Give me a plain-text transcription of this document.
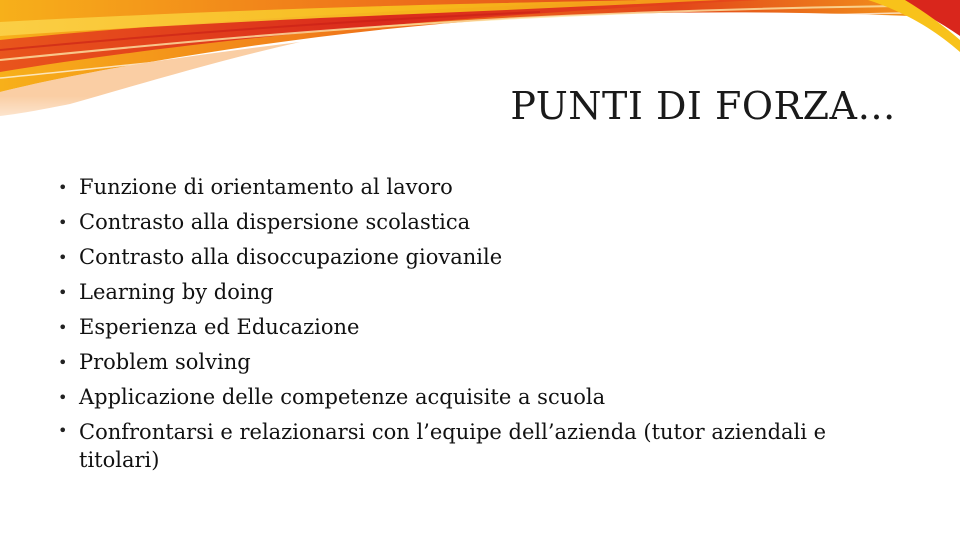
PUNTI DI FORZA…
• Funzione di orientamento al lavoro
• Contrasto alla dispersione scolastica
• Contrasto alla disoccupazione giovanile
• Learning by doing
• Esperienza ed Educazione
• Problem solving
• Applicazione delle competenze acquisite a scuola
• Confrontarsi e relazionarsi con l’equipe dell’azienda (tutor aziendali e titolari)
